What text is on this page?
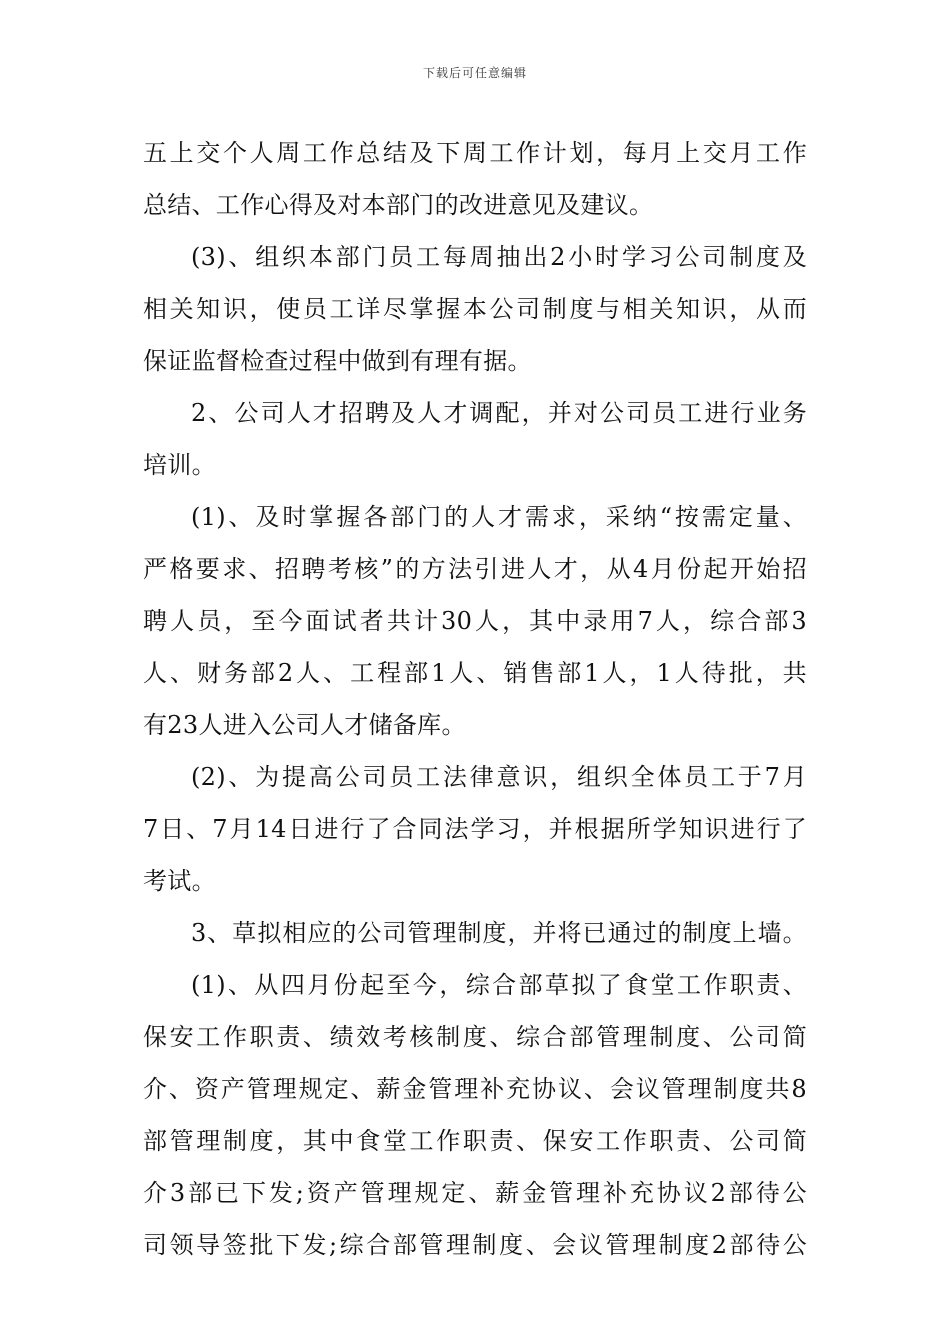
下载后可任意编辑
五上交个人周工作总结及下周工作计划，每月上交月工作
总结、工作心得及对本部门的改进意见及建议。
(3)、组织本部门员工每周抽出2小时学习公司制度及
相关知识，使员工详尽掌握本公司制度与相关知识，从而
保证监督检查过程中做到有理有据。
2、公司人才招聘及人才调配，并对公司员工进行业务
培训。
(1)、及时掌握各部门的人才需求，采纳“按需定量、
严格要求、招聘考核”的方法引进人才，从4月份起开始招
聘人员，至今面试者共计30人，其中录用7人，综合部3
人、财务部2人、工程部1人、销售部1人，1人待批，共
有23人进入公司人才储备库。
(2)、为提高公司员工法律意识，组织全体员工于7月
7日、7月14日进行了合同法学习，并根据所学知识进行了
考试。
3、草拟相应的公司管理制度，并将已通过的制度上墙。
(1)、从四月份起至今，综合部草拟了食堂工作职责、
保安工作职责、绩效考核制度、综合部管理制度、公司简
介、资产管理规定、薪金管理补充协议、会议管理制度共8
部管理制度，其中食堂工作职责、保安工作职责、公司简
介3部已下发;资产管理规定、薪金管理补充协议2部待公
司领导签批下发;综合部管理制度、会议管理制度2部待公
